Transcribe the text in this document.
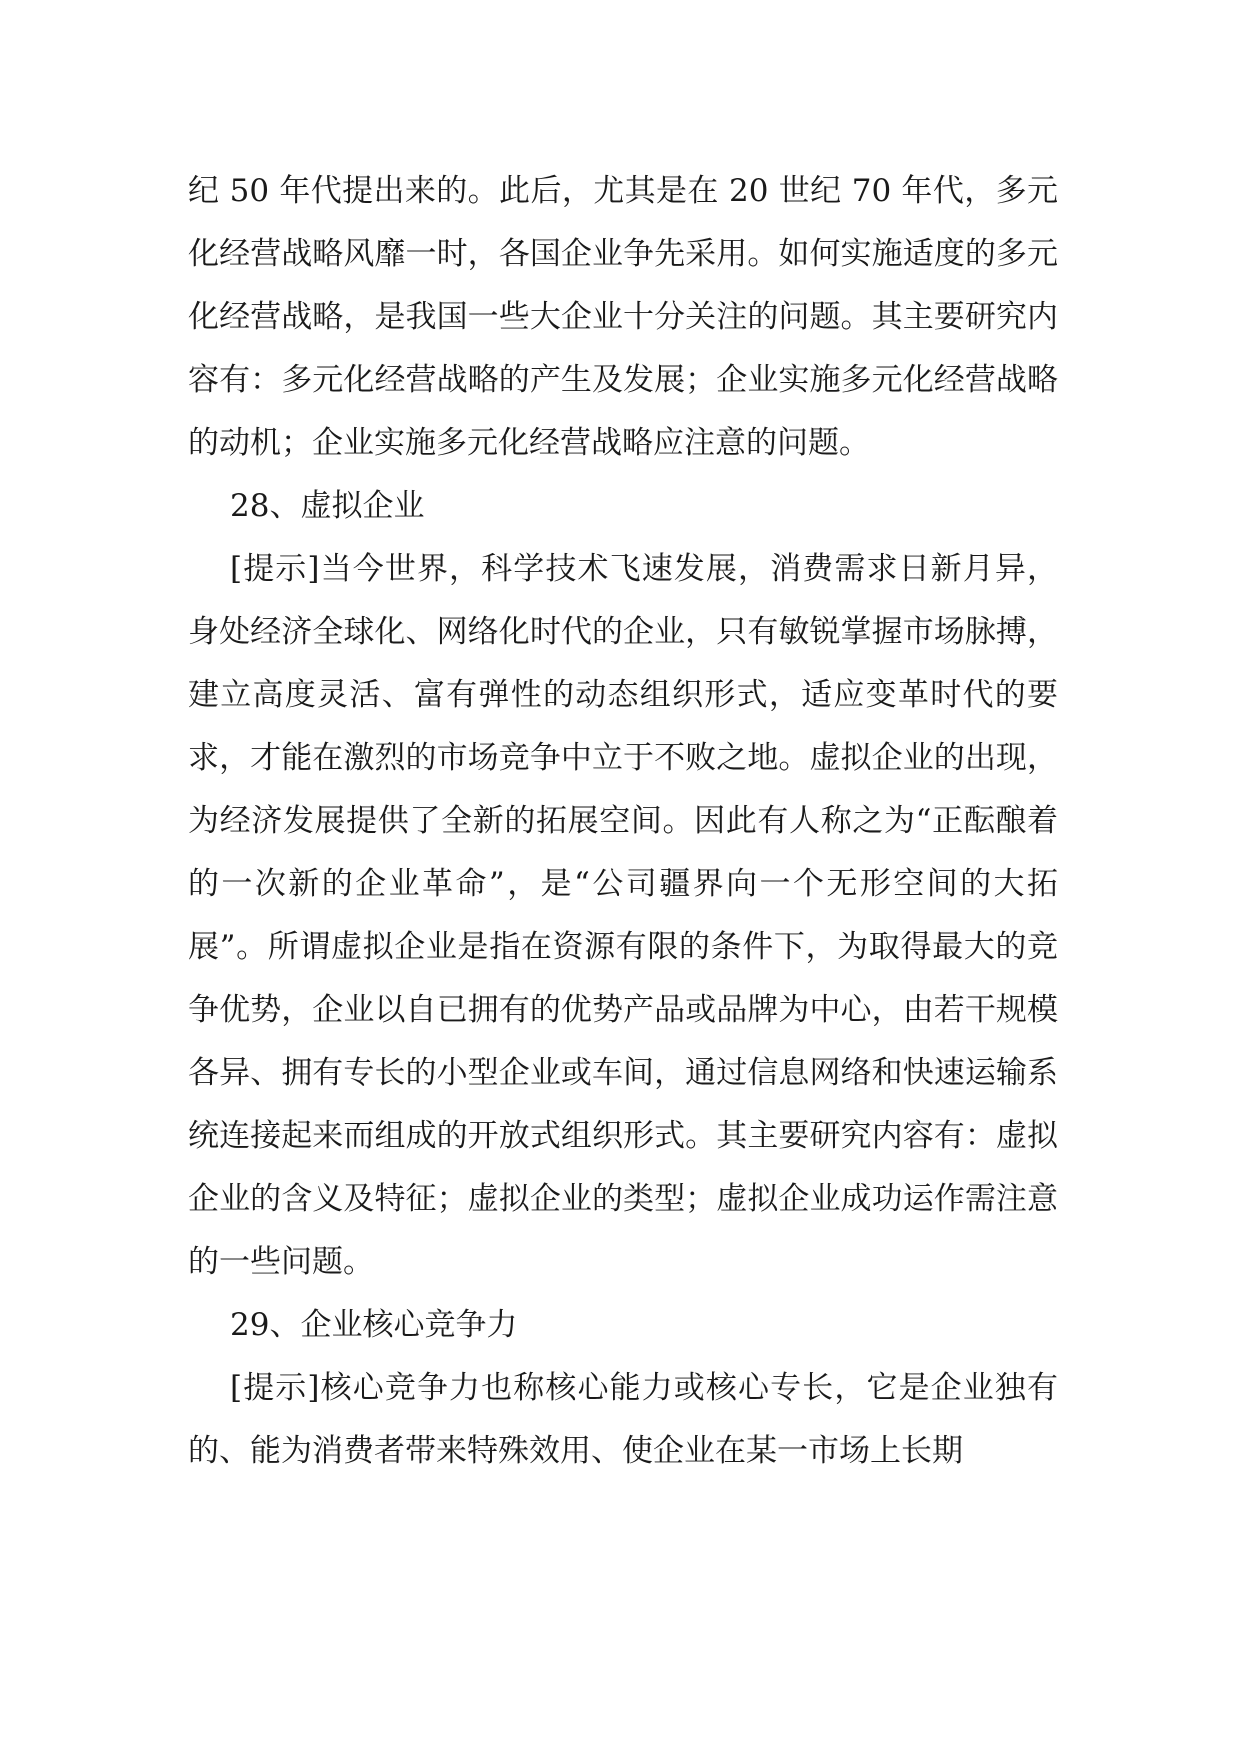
纪 50 年代提出来的。此后，尤其是在 20 世纪 70 年代，多元化经营战略风靡一时，各国企业争先采用。如何实施适度的多元化经营战略，是我国一些大企业十分关注的问题。其主要研究内容有：多元化经营战略的产生及发展；企业实施多元化经营战略的动机；企业实施多元化经营战略应注意的问题。

28、虚拟企业

[提示]当今世界，科学技术飞速发展，消费需求日新月异，身处经济全球化、网络化时代的企业，只有敏锐掌握市场脉搏，建立高度灵活、富有弹性的动态组织形式，适应变革时代的要求，才能在激烈的市场竞争中立于不败之地。虚拟企业的出现，为经济发展提供了全新的拓展空间。因此有人称之为“正酝酿着的一次新的企业革命”，是“公司疆界向一个无形空间的大拓展”。所谓虚拟企业是指在资源有限的条件下，为取得最大的竞争优势，企业以自已拥有的优势产品或品牌为中心，由若干规模各异、拥有专长的小型企业或车间，通过信息网络和快速运输系统连接起来而组成的开放式组织形式。其主要研究内容有：虚拟企业的含义及特征；虚拟企业的类型；虚拟企业成功运作需注意的一些问题。

29、企业核心竞争力

[提示]核心竞争力也称核心能力或核心专长，它是企业独有的、能为消费者带来特殊效用、使企业在某一市场上长期
